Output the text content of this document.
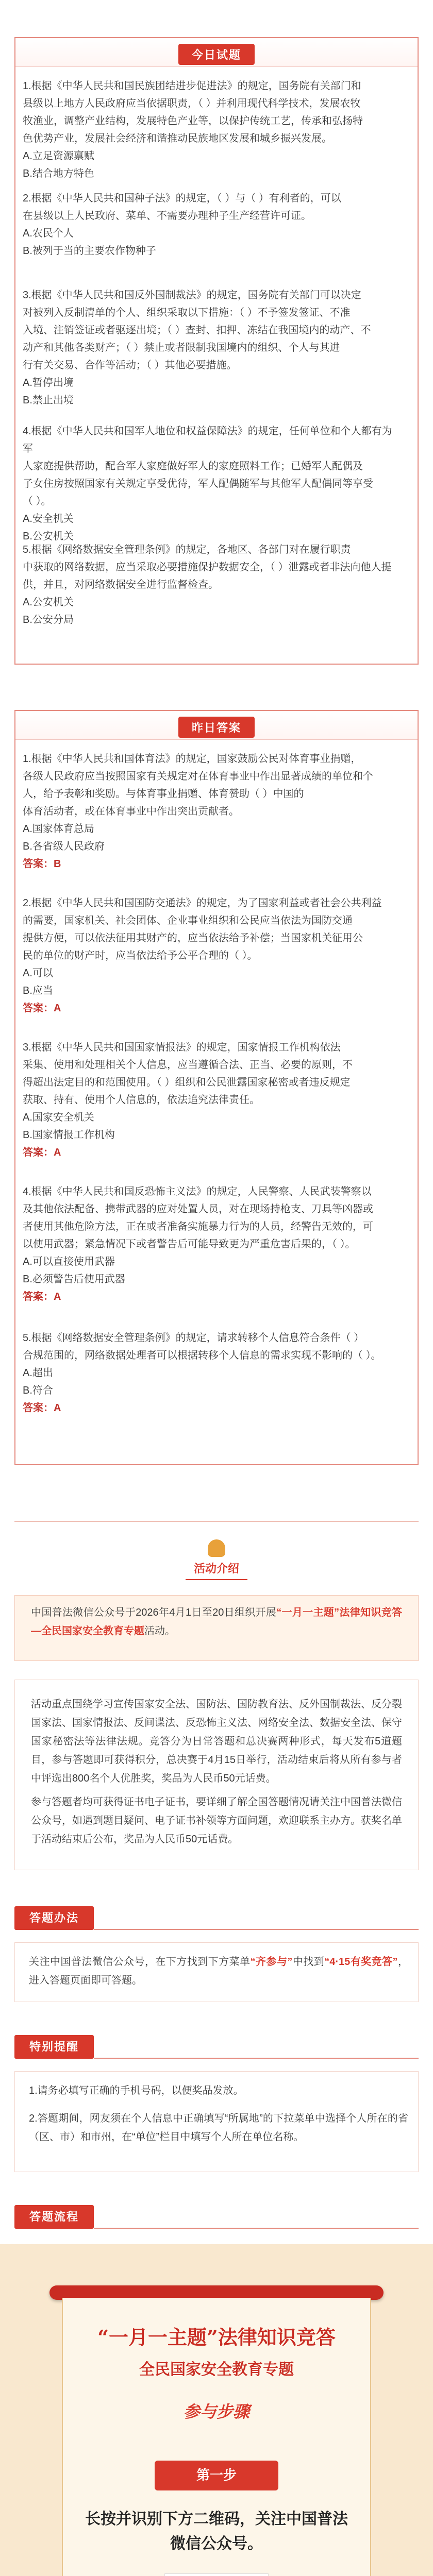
今日试题

1.根据《中华人民共和国民族团结进步促进法》的规定，国务院有关部门和

县级以上地方人民政府应当依据职责，（ ）并利用现代科学技术，发展农牧

牧渔业，调整产业结构，发展特色产业等，以保护传统工艺，传承和弘扬特

色优势产业，发展社会经济和谐推动民族地区发展和城乡振兴发展。

A.立足资源禀赋

B.结合地方特色

2.根据《中华人民共和国种子法》的规定，（ ）与（ ）有利者的，可以

在县级以上人民政府、菜单、不需要办理种子生产经营许可证。

A.农民个人

B.被列于当的主要农作物种子

3.根据《中华人民共和国反外国制裁法》的规定，国务院有关部门可以决定

对被列入反制清单的个人、组织采取以下措施：（ ）不予签发签证、不准

入境、注销签证或者驱逐出境；（ ）查封、扣押、冻结在我国境内的动产、不

动产和其他各类财产；（ ）禁止或者限制我国境内的组织、个人与其进

行有关交易、合作等活动；（ ）其他必要措施。

A.暂停出境

B.禁止出境

4.根据《中华人民共和国军人地位和权益保障法》的规定，任何单位和个人都有为军

人家庭提供帮助，配合军人家庭做好军人的家庭照料工作；已婚军人配偶及

子女住房按照国家有关规定享受优待，军人配偶随军与其他军人配偶同等享受

（ ）。

A.安全机关

B.公安机关

5.根据《网络数据安全管理条例》的规定，各地区、各部门对在履行职责

中获取的网络数据，应当采取必要措施保护数据安全，（ ）泄露或者非法向他人提

供，并且，对网络数据安全进行监督检查。

A.公安机关

B.公安分局

昨日答案

1.根据《中华人民共和国体育法》的规定，国家鼓励公民对体育事业捐赠，

各级人民政府应当按照国家有关规定对在体育事业中作出显著成绩的单位和个

人，给予表彰和奖励。与体育事业捐赠、体育赞助（ ）中国的

体育活动者，或在体育事业中作出突出贡献者。

A.国家体育总局

B.各省级人民政府

答案：B

2.根据《中华人民共和国国防交通法》的规定，为了国家利益或者社会公共利益

的需要，国家机关、社会团体、企业事业组织和公民应当依法为国防交通

提供方便，可以依法征用其财产的，应当依法给予补偿；当国家机关征用公

民的单位的财产时，应当依法给予公平合理的（ ）。

A.可以

B.应当

答案：A

3.根据《中华人民共和国国家情报法》的规定，国家情报工作机构依法

采集、使用和处理相关个人信息，应当遵循合法、正当、必要的原则，不

得超出法定目的和范围使用。（ ）组织和公民泄露国家秘密或者违反规定

获取、持有、使用个人信息的，依法追究法律责任。

A.国家安全机关

B.国家情报工作机构

答案：A

4.根据《中华人民共和国反恐怖主义法》的规定，人民警察、人民武装警察以

及其他依法配备、携带武器的应对处置人员，对在现场持枪支、刀具等凶器或

者使用其他危险方法，正在或者准备实施暴力行为的人员，经警告无效的，可

以使用武器；紧急情况下或者警告后可能导致更为严重危害后果的，（ ）。

A.可以直接使用武器

B.必须警告后使用武器

答案：A

5.根据《网络数据安全管理条例》的规定，请求转移个人信息符合条件（ ）

合规范围的，网络数据处理者可以根据转移个人信息的需求实现不影响的（ ）。

A.超出

B.符合

答案：A

活动介绍
中国普法微信公众号于2026年4月1日至20日组织开展“一月一主题”法律知识竞答—全民国家安全教育专题活动。
活动重点围绕学习宣传国家安全法、国防法、国防教育法、反外国制裁法、反分裂国家法、国家情报法、反间谍法、反恐怖主义法、网络安全法、数据安全法、保守国家秘密法等法律法规。竞答分为日常答题和总决赛两种形式，每天发布5道题目，参与答题即可获得积分，总决赛于4月15日举行，活动结束后将从所有参与者中评选出800名个人优胜奖，奖品为人民币50元话费。
参与答题者均可获得证书电子证书，要详细了解全国答题情况请关注中国普法微信公众号，如遇到题目疑问、电子证书补领等方面问题，欢迎联系主办方。获奖名单于活动结束后公布，奖品为人民币50元话费。
答题办法
关注中国普法微信公众号，在下方找到下方菜单“齐参与”中找到“4·15有奖竞答”，进入答题页面即可答题。
特别提醒
1.请务必填写正确的手机号码，以便奖品发放。
2.答题期间，网友须在个人信息中正确填写“所属地”的下拉菜单中选择个人所在的省（区、市）和市州，在“单位”栏目中填写个人所在单位名称。
答题流程
“一月一主题”法律知识竞答
全民国家安全教育专题
参与步骤
第一步
长按并识别下方二维码，关注中国普法微信公众号。
